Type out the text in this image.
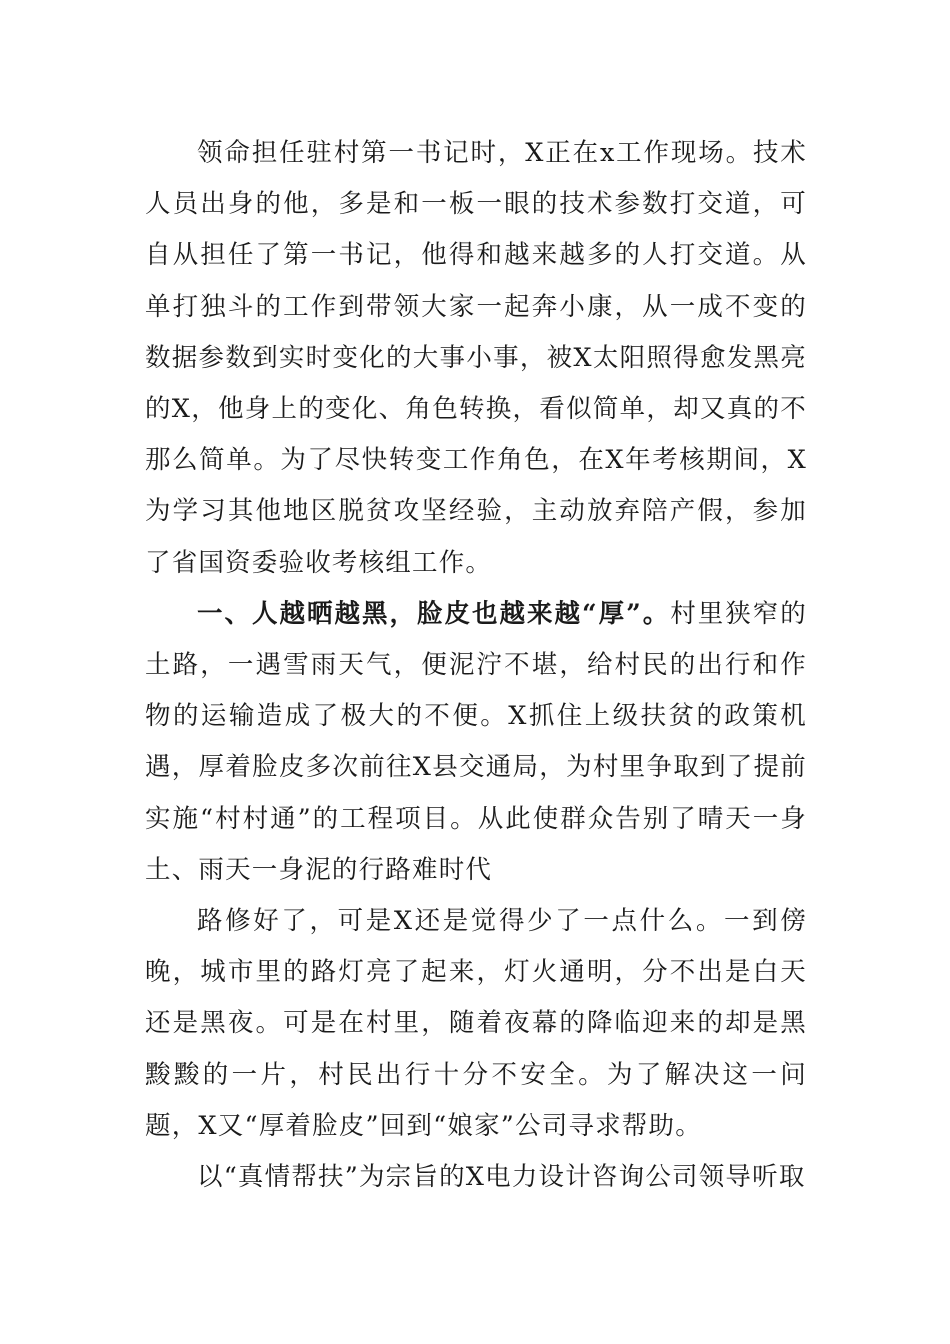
领命担任驻村第一书记时，X正在x工作现场。技术人员出身的他，多是和一板一眼的技术参数打交道，可自从担任了第一书记，他得和越来越多的人打交道。从单打独斗的工作到带领大家一起奔小康，从一成不变的数据参数到实时变化的大事小事，被X太阳照得愈发黑亮的X，他身上的变化、角色转换，看似简单，却又真的不那么简单。为了尽快转变工作角色，在X年考核期间，X为学习其他地区脱贫攻坚经验，主动放弃陪产假，参加了省国资委验收考核组工作。

一、人越晒越黑，脸皮也越来越“厚”。村里狭窄的土路，一遇雪雨天气，便泥泞不堪，给村民的出行和作物的运输造成了极大的不便。X抓住上级扶贫的政策机遇，厚着脸皮多次前往X县交通局，为村里争取到了提前实施“村村通”的工程项目。从此使群众告别了晴天一身土、雨天一身泥的行路难时代

路修好了，可是X还是觉得少了一点什么。一到傍晚，城市里的路灯亮了起来，灯火通明，分不出是白天还是黑夜。可是在村里，随着夜幕的降临迎来的却是黑黢黢的一片，村民出行十分不安全。为了解决这一问题，X又“厚着脸皮”回到“娘家”公司寻求帮助。

以“真情帮扶”为宗旨的X电力设计咨询公司领导听取
